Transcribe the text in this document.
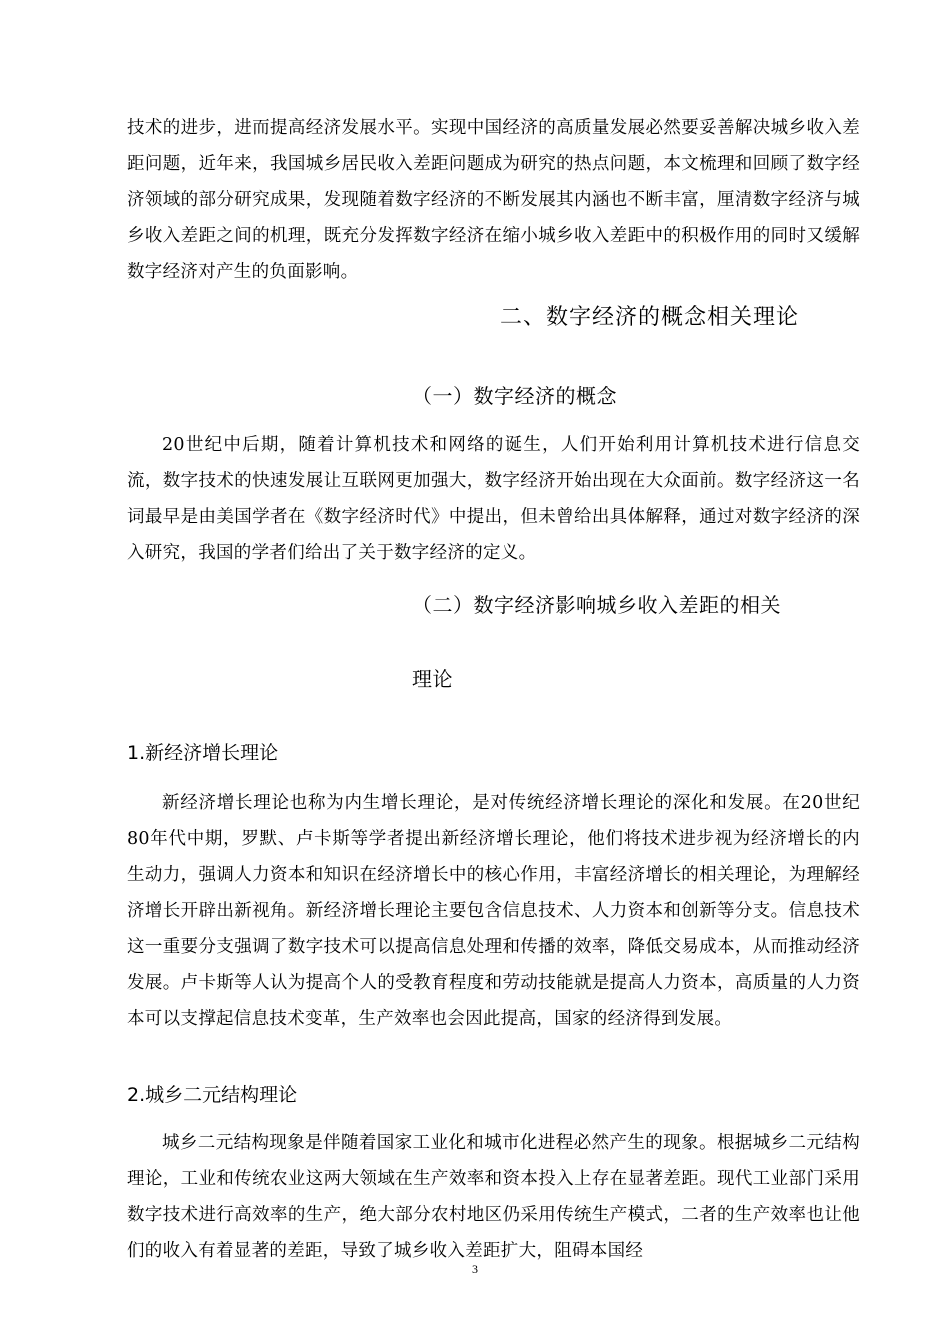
技术的进步，进而提高经济发展水平。实现中国经济的高质量发展必然要妥善解决城乡收入差距问题，近年来，我国城乡居民收入差距问题成为研究的热点问题，本文梳理和回顾了数字经济领域的部分研究成果，发现随着数字经济的不断发展其内涵也不断丰富，厘清数字经济与城乡收入差距之间的机理，既充分发挥数字经济在缩小城乡收入差距中的积极作用的同时又缓解数字经济对产生的负面影响。

二、数字经济的概念相关理论
（一）数字经济的概念

20世纪中后期，随着计算机技术和网络的诞生，人们开始利用计算机技术进行信息交流，数字技术的快速发展让互联网更加强大，数字经济开始出现在大众面前。数字经济这一名词最早是由美国学者在《数字经济时代》中提出，但未曾给出具体解释，通过对数字经济的深入研究，我国的学者们给出了关于数字经济的定义。

（二）数字经济影响城乡收入差距的相关
理论
1.新经济增长理论

新经济增长理论也称为内生增长理论，是对传统经济增长理论的深化和发展。在20世纪 80年代中期，罗默、卢卡斯等学者提出新经济增长理论，他们将技术进步视为经济增长的内生动力，强调人力资本和知识在经济增长中的核心作用，丰富经济增长的相关理论，为理解经济增长开辟出新视角。新经济增长理论主要包含信息技术、人力资本和创新等分支。信息技术这一重要分支强调了数字技术可以提高信息处理和传播的效率，降低交易成本，从而推动经济发展。卢卡斯等人认为提高个人的受教育程度和劳动技能就是提高人力资本，高质量的人力资本可以支撑起信息技术变革，生产效率也会因此提高，国家的经济得到发展。

2.城乡二元结构理论

城乡二元结构现象是伴随着国家工业化和城市化进程必然产生的现象。根据城乡二元结构理论，工业和传统农业这两大领域在生产效率和资本投入上存在显著差距。现代工业部门采用数字技术进行高效率的生产，绝大部分农村地区仍采用传统生产模式，二者的生产效率也让他们的收入有着显著的差距，导致了城乡收入差距扩大，阻碍本国经

3
